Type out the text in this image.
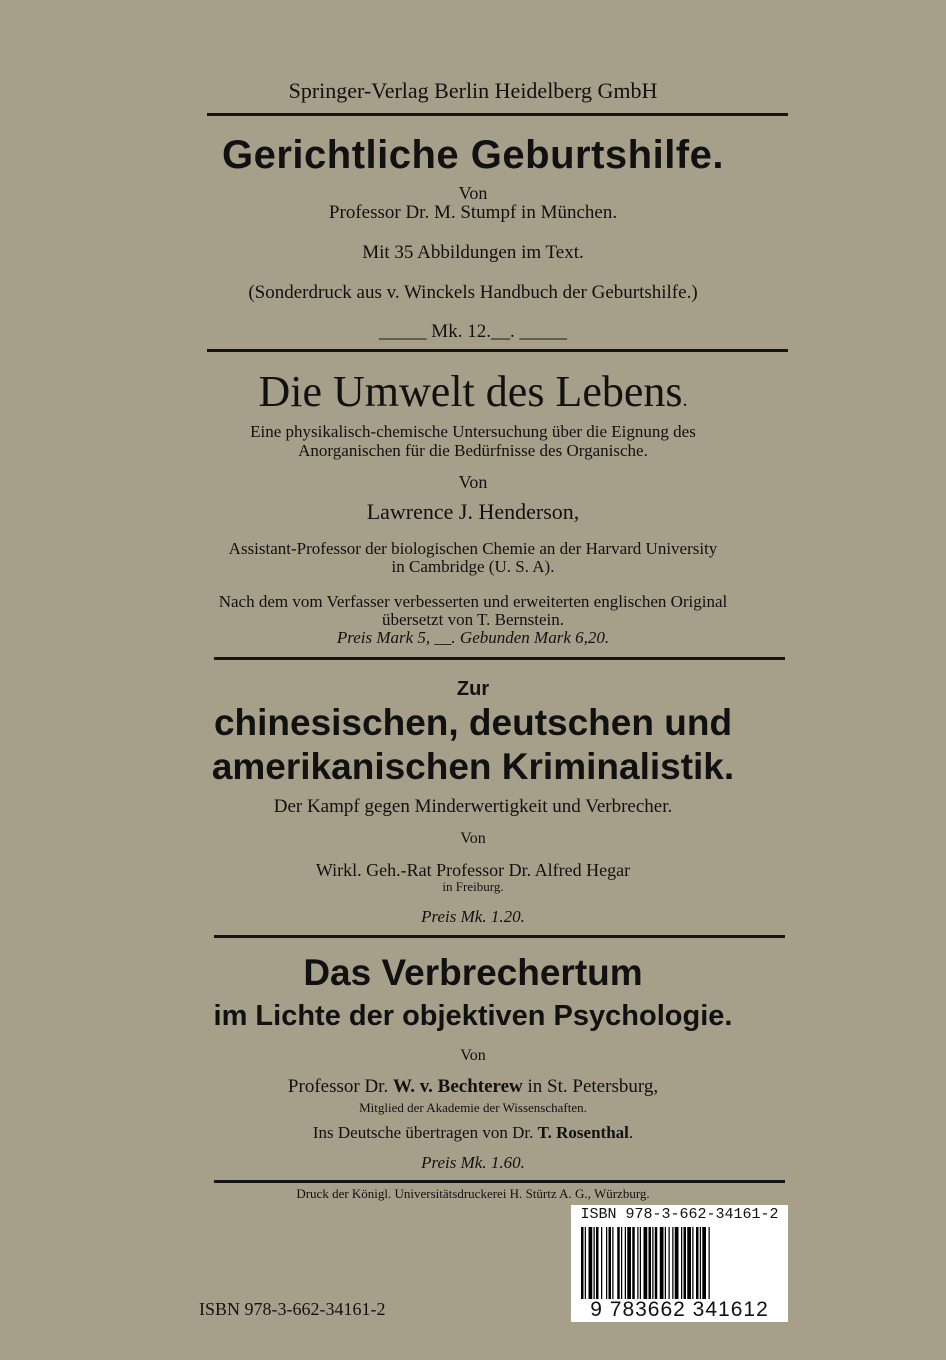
Springer-Verlag Berlin Heidelberg GmbH
Gerichtliche Geburtshilfe.
Von
Professor Dr. M. Stumpf in München.
Mit 35 Abbildungen im Text.
(Sonderdruck aus v. Winckels Handbuch der Geburtshilfe.)
_____ Mk. 12.__. _____
Die Umwelt des Lebens.
Eine physikalisch-chemische Untersuchung über die Eignung des
Anorganischen für die Bedürfnisse des Organische.
Von
Lawrence J. Henderson,
Assistant-Professor der biologischen Chemie an der Harvard University
in Cambridge (U. S. A).
Nach dem vom Verfasser verbesserten und erweiterten englischen Original
übersetzt von T. Bernstein.
Preis Mark 5, __. Gebunden Mark 6,20.
Zur
chinesischen, deutschen und
amerikanischen Kriminalistik.
Der Kampf gegen Minderwertigkeit und Verbrecher.
Von
Wirkl. Geh.-Rat Professor Dr. Alfred Hegar
in Freiburg.
Preis Mk. 1.20.
Das Verbrechertum
im Lichte der objektiven Psychologie.
Von
Professor Dr. W. v. Bechterew in St. Petersburg,
Mitglied der Akademie der Wissenschaften.
Ins Deutsche übertragen von Dr. T. Rosenthal.
Preis Mk. 1.60.
Druck der Königl. Universitätsdruckerei H. Stürtz A. G., Würzburg.
ISBN 978-3-662-34161-2
9 783662 341612
ISBN 978-3-662-34161-2
